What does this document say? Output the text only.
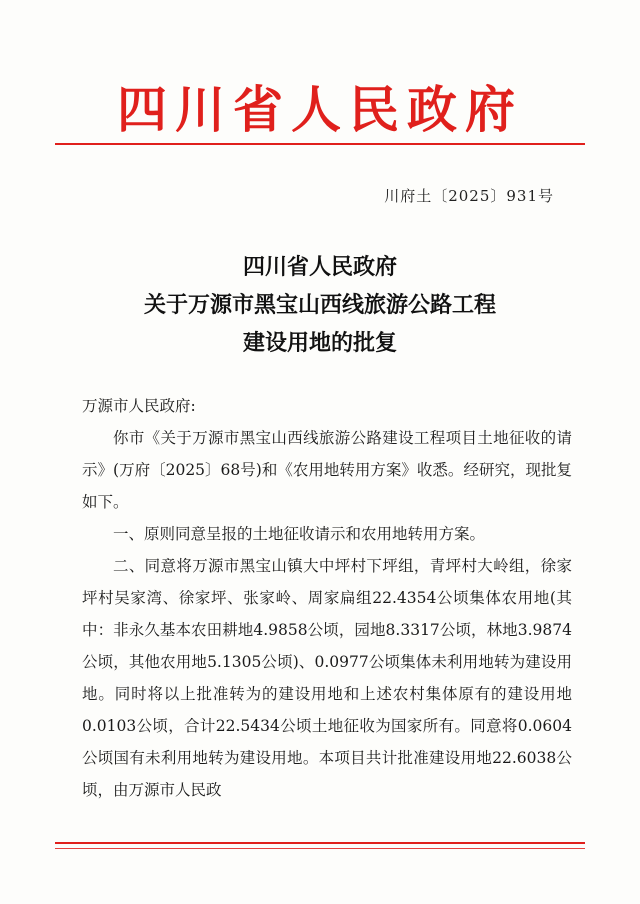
四川省人民政府
川府土〔2025〕931号
四川省人民政府
关于万源市黑宝山西线旅游公路工程
建设用地的批复

万源市人民政府:

你市《关于万源市黑宝山西线旅游公路建设工程项目土地征收的请示》(万府〔2025〕68号)和《农用地转用方案》收悉。经研究，现批复如下。

一、原则同意呈报的土地征收请示和农用地转用方案。

二、同意将万源市黑宝山镇大中坪村下坪组，青坪村大岭组，徐家坪村吴家湾、徐家坪、张家岭、周家扁组22.4354公顷集体农用地(其中：非永久基本农田耕地4.9858公顷，园地8.3317公顷，林地3.9874公顷，其他农用地5.1305公顷)、0.0977公顷集体未利用地转为建设用地。同时将以上批准转为的建设用地和上述农村集体原有的建设用地0.0103公顷，合计22.5434公顷土地征收为国家所有。同意将0.0604公顷国有未利用地转为建设用地。本项目共计批准建设用地22.6038公顷，由万源市人民政
